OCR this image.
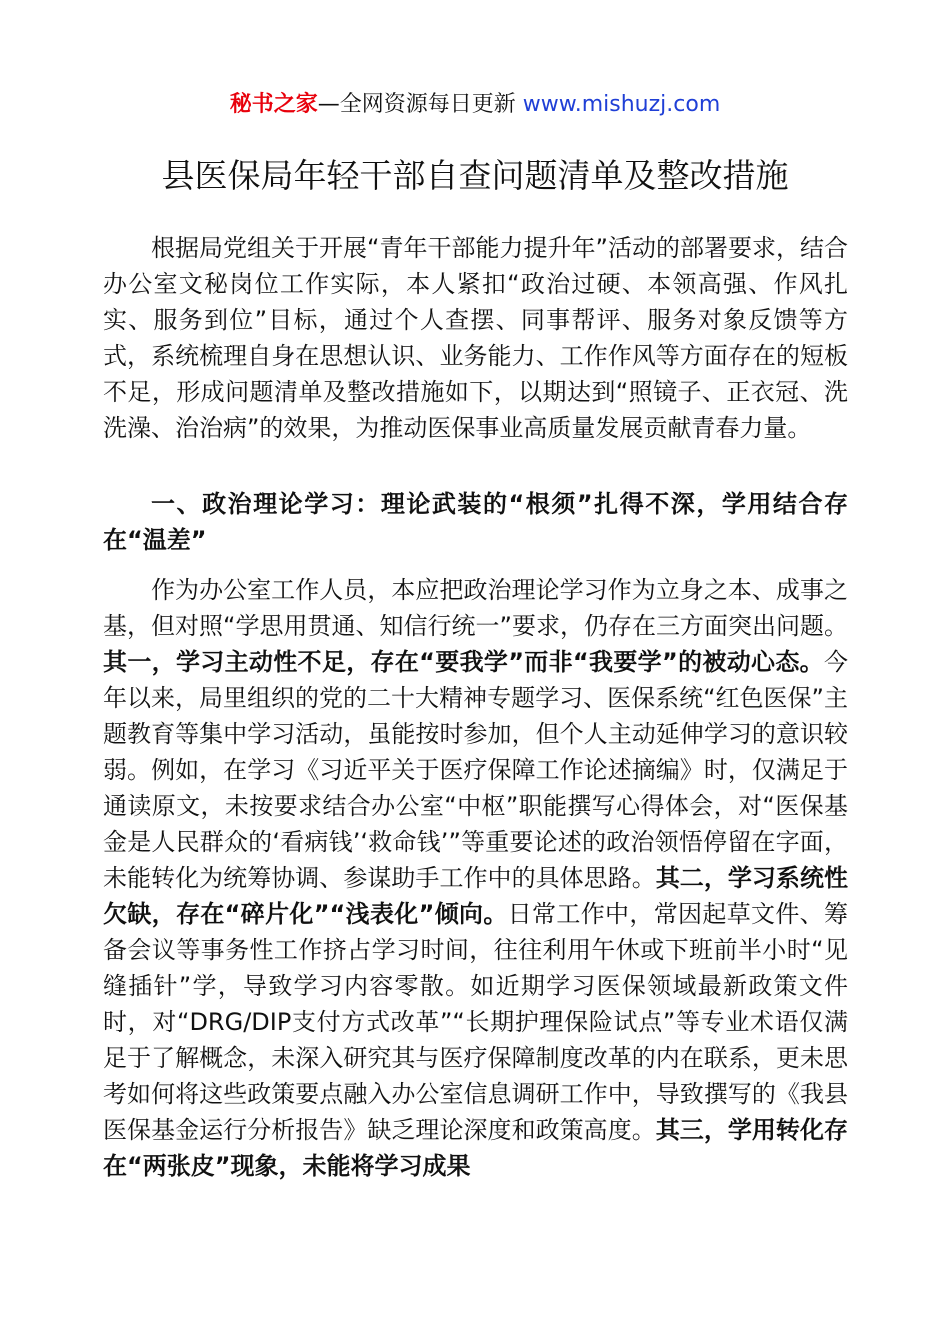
秘书之家—全网资源每日更新 www.mishuzj.com
县医保局年轻干部自查问题清单及整改措施

根据局党组关于开展“青年干部能力提升年”活动的部署要求，结合办公室文秘岗位工作实际，本人紧扣“政治过硬、本领高强、作风扎实、服务到位”目标，通过个人查摆、同事帮评、服务对象反馈等方式，系统梳理自身在思想认识、业务能力、工作作风等方面存在的短板不足，形成问题清单及整改措施如下，以期达到“照镜子、正衣冠、洗洗澡、治治病”的效果，为推动医保事业高质量发展贡献青春力量。

一、政治理论学习：理论武装的“根须”扎得不深，学用结合存在“温差”

作为办公室工作人员，本应把政治理论学习作为立身之本、成事之基，但对照“学思用贯通、知信行统一”要求，仍存在三方面突出问题。其一，学习主动性不足，存在“要我学”而非“我要学”的被动心态。今年以来，局里组织的党的二十大精神专题学习、医保系统“红色医保”主题教育等集中学习活动，虽能按时参加，但个人主动延伸学习的意识较弱。例如，在学习《习近平关于医疗保障工作论述摘编》时，仅满足于通读原文，未按要求结合办公室“中枢”职能撰写心得体会，对“医保基金是人民群众的‘看病钱’‘救命钱’”等重要论述的政治领悟停留在字面，未能转化为统筹协调、参谋助手工作中的具体思路。其二，学习系统性欠缺，存在“碎片化”“浅表化”倾向。日常工作中，常因起草文件、筹备会议等事务性工作挤占学习时间，往往利用午休或下班前半小时“见缝插针”学，导致学习内容零散。如近期学习医保领域最新政策文件时，对“DRG/DIP支付方式改革”“长期护理保险试点”等专业术语仅满足于了解概念，未深入研究其与医疗保障制度改革的内在联系，更未思考如何将这些政策要点融入办公室信息调研工作中，导致撰写的《我县医保基金运行分析报告》缺乏理论深度和政策高度。其三，学用转化存在“两张皮”现象，未能将学习成果
